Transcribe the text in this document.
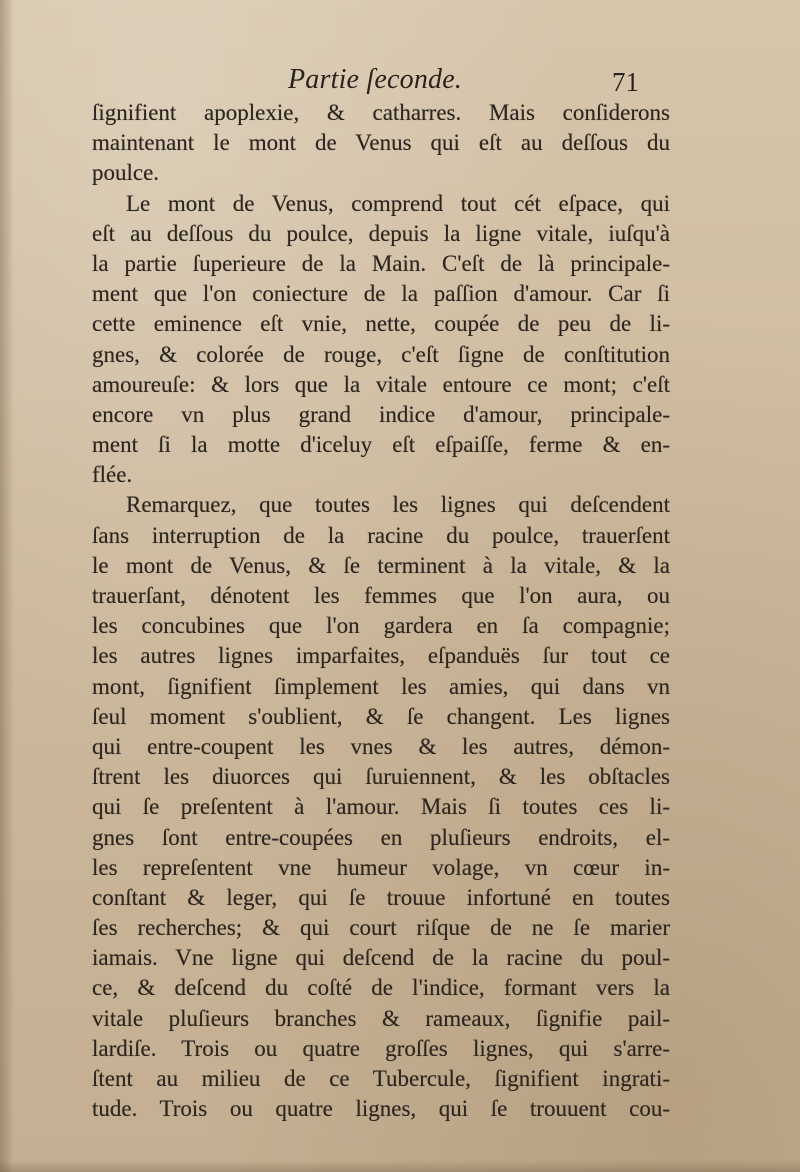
Partie ſeconde.	71
ſignifient apoplexie, & catharres. Mais conſiderons
maintenant le mont de Venus qui eſt au deſſous du
poulce.
Le mont de Venus, comprend tout cét eſpace, qui
eſt au deſſous du poulce, depuis la ligne vitale, iuſqu'à
la partie ſuperieure de la Main. C'eſt de là principale-
ment que l'on coniecture de la paſſion d'amour. Car ſi
cette eminence eſt vnie, nette, coupée de peu de li-
gnes, & colorée de rouge, c'eſt ſigne de conſtitution
amoureuſe: & lors que la vitale entoure ce mont; c'eſt
encore vn plus grand indice d'amour, principale-
ment ſi la motte d'iceluy eſt eſpaiſſe, ferme & en-
flée.
Remarquez, que toutes les lignes qui deſcendent
ſans interruption de la racine du poulce, trauerſent
le mont de Venus, & ſe terminent à la vitale, & la
trauerſant, dénotent les femmes que l'on aura, ou
les concubines que l'on gardera en ſa compagnie;
les autres lignes imparfaites, eſpanduës ſur tout ce
mont, ſignifient ſimplement les amies, qui dans vn
ſeul moment s'oublient, & ſe changent. Les lignes
qui entre-coupent les vnes & les autres, démon-
ſtrent les diuorces qui ſuruiennent, & les obſtacles
qui ſe preſentent à l'amour. Mais ſi toutes ces li-
gnes ſont entre-coupées en pluſieurs endroits, el-
les repreſentent vne humeur volage, vn cœur in-
conſtant & leger, qui ſe trouue infortuné en toutes
ſes recherches; & qui court riſque de ne ſe marier
iamais. Vne ligne qui deſcend de la racine du poul-
ce, & deſcend du coſté de l'indice, formant vers la
vitale pluſieurs branches & rameaux, ſignifie pail-
lardiſe. Trois ou quatre groſſes lignes, qui s'arre-
ſtent au milieu de ce Tubercule, ſignifient ingrati-
tude. Trois ou quatre lignes, qui ſe trouuent cou-
